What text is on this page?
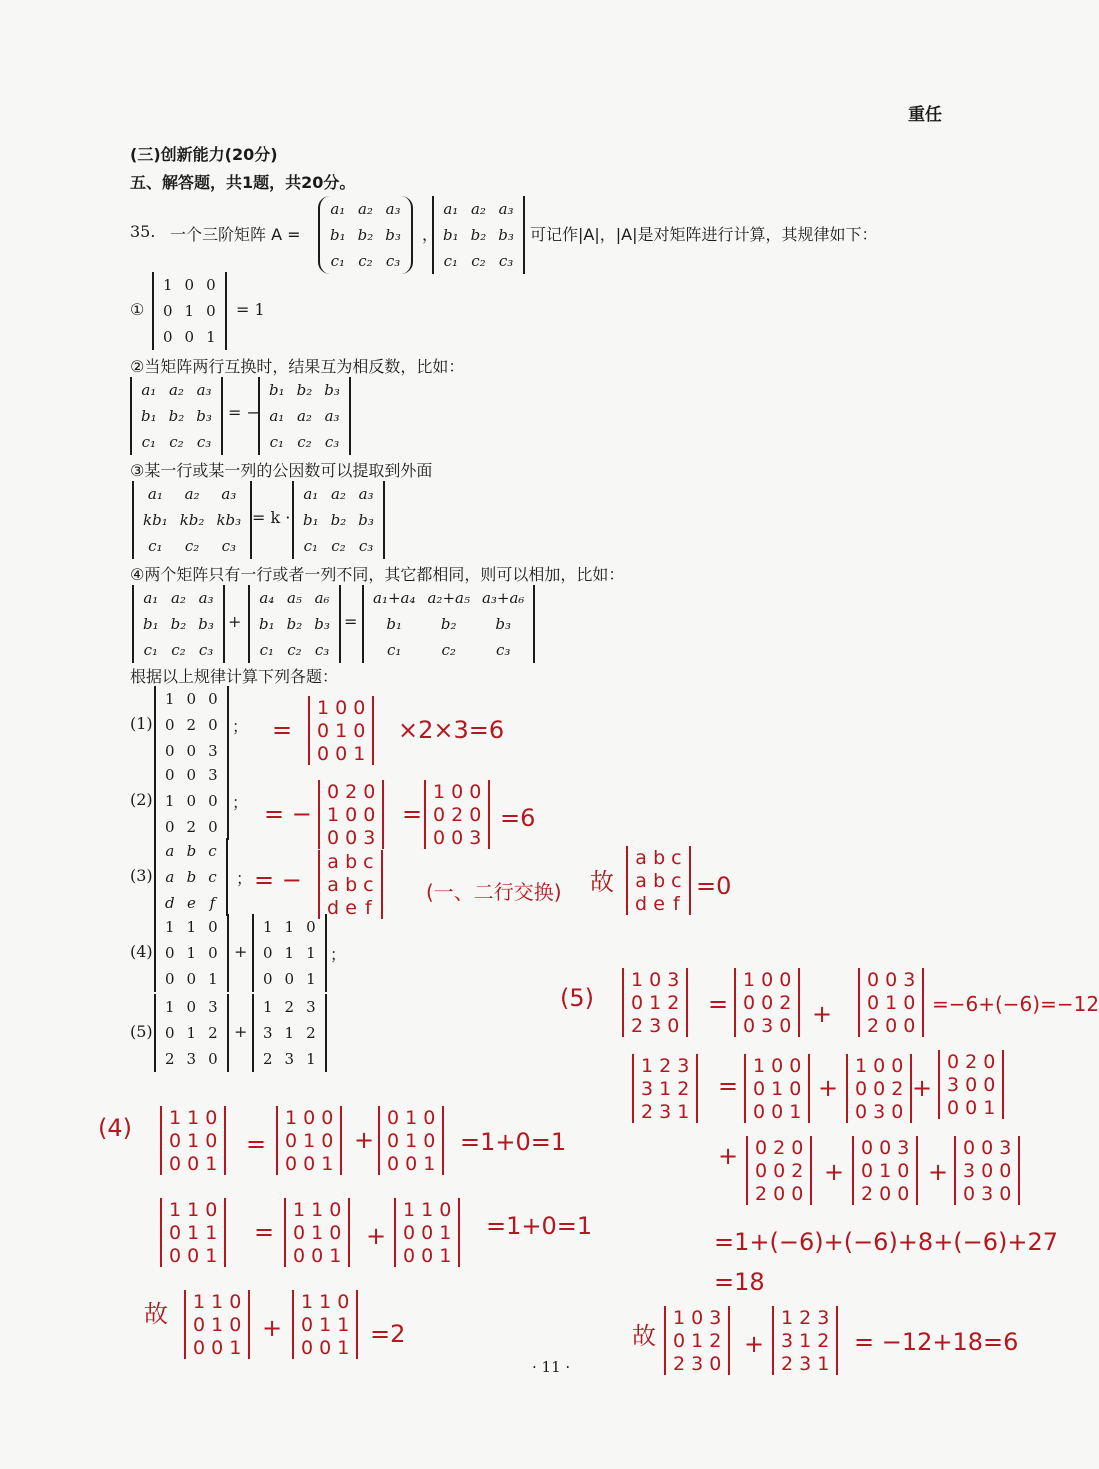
重任
(三)创新能力(20分)
五、解答题，共1题，共20分。
35. 一个三阶矩阵 A =
a₁	a₂	a₃
b₁	b₂	b₃
c₁	c₂	c₃
，
a₁	a₂	a₃
b₁	b₂	b₃
c₁	c₂	c₃
可记作|A|，|A|是对矩阵进行计算，其规律如下：
①
1	0	0
0	1	0
0	0	1
= 1
②当矩阵两行互换时，结果互为相反数，比如：
a₁	a₂	a₃
b₁	b₂	b₃
c₁	c₂	c₃
= −
b₁	b₂	b₃
a₁	a₂	a₃
c₁	c₂	c₃
③某一行或某一列的公因数可以提取到外面
a₁	a₂	a₃
kb₁	kb₂	kb₃
c₁	c₂	c₃
= k ·
a₁	a₂	a₃
b₁	b₂	b₃
c₁	c₂	c₃
④两个矩阵只有一行或者一列不同，其它都相同，则可以相加，比如：
a₁	a₂	a₃
b₁	b₂	b₃
c₁	c₂	c₃
+
a₄	a₅	a₆
b₁	b₂	b₃
c₁	c₂	c₃
=
a₁+a₄	a₂+a₅	a₃+a₆
b₁	b₂	b₃
c₁	c₂	c₃
根据以上规律计算下列各题：
(1)
1	0	0
0	2	0
0	0	3
；
(2)
0	0	3
1	0	0
0	2	0
；
(3)
a	b	c
a	b	c
d	e	f
；
(4)
1	1	0
0	1	0
0	0	1
+
1	1	0
0	1	1
0	0	1
；
(5)
1	0	3
0	1	2
2	3	0
+
1	2	3
3	1	2
2	3	1
=
1	0	0
0	1	0
0	0	1
×2×3=6
= −
0	2	0
1	0	0
0	0	3
=
1	0	0
0	2	0
0	0	3
=6
= −
a	b	c
a	b	c
d	e	f
(一、二行交换) 故
a	b	c
a	b	c
d	e	f
=0
(4) 1	1	0
0	1	0
0	0	1
=
1	0	0
0	1	0
0	0	1
+
0	1	0
0	1	0
0	0	1
=1+0=1
1	1	0
0	1	1
0	0	1
=
1	1	0
0	1	0
0	0	1
+
1	1	0
0	0	1
0	0	1
=1+0=1
故 1	1	0
0	1	0
0	0	1
+
1	1	0
0	1	1
0	0	1 =2
(5)
1	0	3
0	1	2
2	3	0
=
1	0	0
0	0	2
0	3	0 +
0	0	3
0	1	0
2	0	0
=−6+(−6)=−12
1	2	3
3	1	2
2	3	1
=
1	0	0
0	1	0
0	0	1
+
1	0	0
0	0	2
0	3	0
+
0	2	0
3	0	0
0	0	1
+ 0	2	0
0	0	2
2	0	0
+
0	0	3
0	1	0
2	0	0
+
0	0	3
3	0	0
0	3	0
=1+(−6)+(−6)+8+(−6)+27
=18
故
1	0	3
0	1	2
2	3	0
+
1	2	3
3	1	2
2	3	1
= −12+18=6
· 11 ·
